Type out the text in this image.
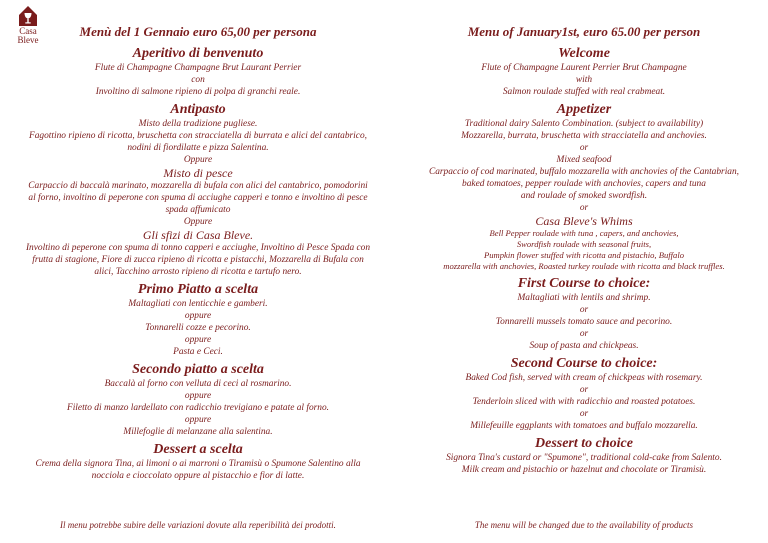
Casa
Bleve
Menù del 1 Gennaio euro 65,00 per persona
Aperitivo di benvenuto
Flute di Champagne Champagne Brut Laurant Perrier
con
Involtino di salmone ripieno di polpa di granchi reale.
Antipasto
Misto della tradizione pugliese.
Fagottino ripieno di ricotta, bruschetta con stracciatella di burrata e alici del cantabrico,
nodini di fiordilatte e pizza Salentina.
Oppure
Misto di pesce
Carpaccio di baccalà marinato, mozzarella di bufala con alici del cantabrico, pomodorini
al forno, involtino di peperone con spuma di acciughe capperi e tonno e involtino di pesce
spada affumicato
Oppure
Gli sfizi di Casa Bleve.
Involtino di peperone con spuma di tonno capperi e acciughe, Involtino di Pesce Spada con
frutta di stagione, Fiore di zucca ripieno di ricotta e pistacchi, Mozzarella di Bufala con
alici, Tacchino arrosto ripieno di ricotta e tartufo nero.
Primo Piatto a scelta
Maltagliati con lenticchie e gamberi.
oppure
Tonnarelli cozze e pecorino.
oppure
Pasta e Ceci.
Secondo piatto a scelta
Baccalà al forno con velluta di ceci al rosmarino.
oppure
Filetto di manzo lardellato con radicchio trevigiano e patate al forno.
oppure
Millefoglie di melanzane alla salentina.
Dessert a scelta
Crema della signora Tina, ai limoni o ai marroni o Tiramisù o Spumone Salentino alla
nocciola e cioccolato oppure al pistacchio e fior di latte.
Il menu potrebbe subire delle variazioni dovute alla reperibilità dei prodotti.
Menu of January1st, euro 65.00 per person
Welcome
Flute of Champagne Laurent Perrier Brut Champagne
with
Salmon roulade stuffed with real crabmeat.
Appetizer
Traditional dairy Salento Combination. (subject to availability)
Mozzarella, burrata, bruschetta with stracciatella and anchovies.
or
Mixed seafood
Carpaccio of cod marinated, buffalo mozzarella with anchovies of the Cantabrian,
baked tomatoes, pepper roulade with anchovies, capers and tuna
and roulade of smoked swordfish.
or
Casa Bleve's Whims
Bell Pepper roulade with tuna , capers, and anchovies,
Swordfish roulade with seasonal fruits,
Pumpkin flower stuffed with ricotta and pistachio, Buffalo
mozzarella with anchovies, Roasted turkey roulade with ricotta and black truffles.
First Course to choice:
Maltagliati with lentils and shrimp.
or
Tonnarelli mussels tomato sauce and pecorino.
or
Soup of pasta and chickpeas.
Second Course to choice:
Baked Cod fish, served with cream of chickpeas with rosemary.
or
Tenderloin sliced with with radicchio and roasted potatoes.
or
Millefeuille eggplants with tomatoes and buffalo mozzarella.
Dessert to choice
Signora Tina's custard or "Spumone", traditional cold-cake from Salento.
Milk cream and pistachio or hazelnut and chocolate or Tiramisù.
The menu will be changed due to the availability of products
